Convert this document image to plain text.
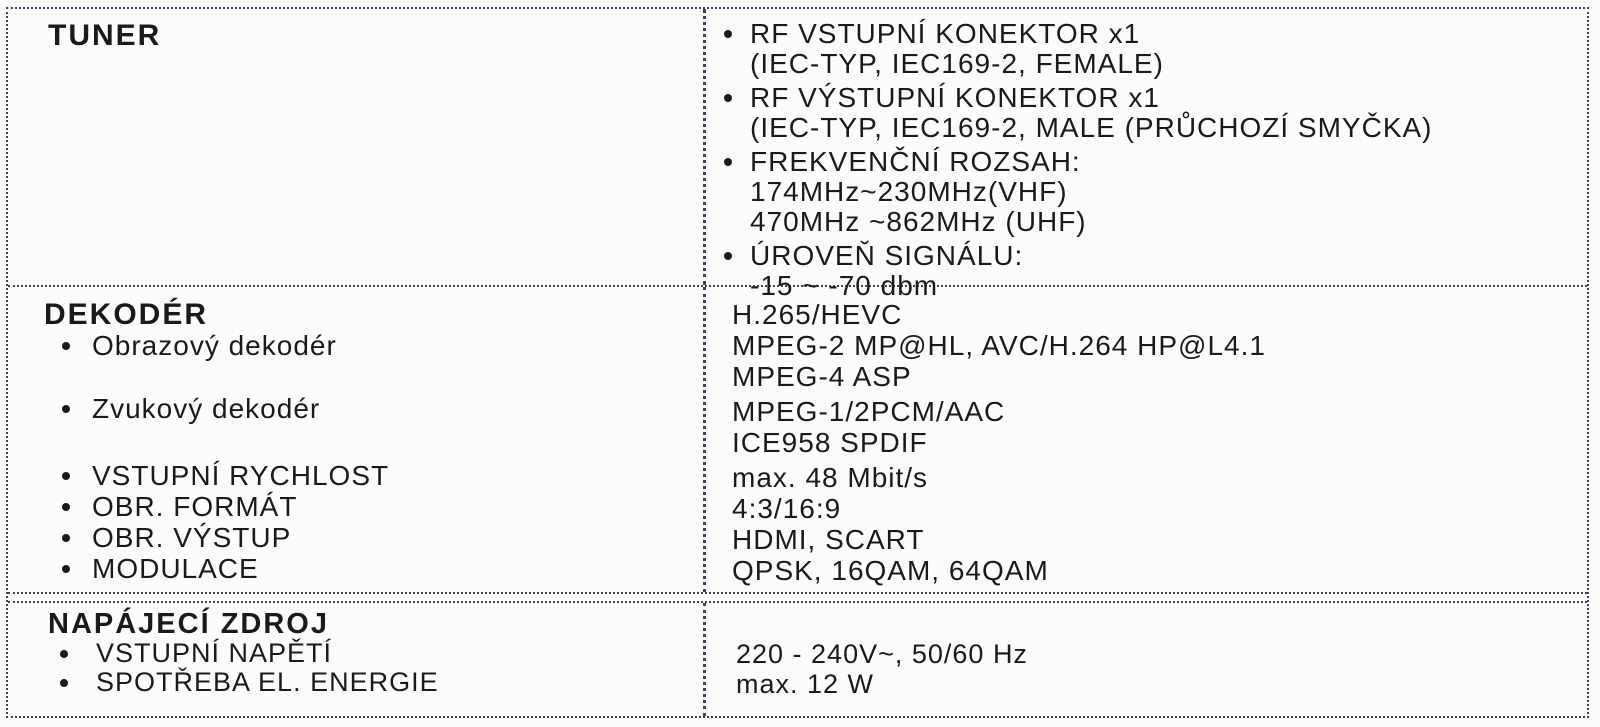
TUNER	RF VSTUPNÍ KONEKTOR x1
(IEC-TYP, IEC169-2, FEMALE)
RF VÝSTUPNÍ KONEKTOR x1
(IEC-TYP, IEC169-2, MALE (PRŮCHOZÍ SMYČKA)
FREKVENČNÍ ROZSAH:
174MHz~230MHz(VHF)
470MHz ~862MHz (UHF)
ÚROVEŇ SIGNÁLU:
-15 ~ -70 dbm
DEKODÉR
Obrazový dekodér
Zvukový dekodér
VSTUPNÍ RYCHLOST
OBR. FORMÁT
OBR. VÝSTUP
MODULACE
H.265/HEVC
MPEG-2 MP@HL, AVC/H.264 HP@L4.1
MPEG-4 ASP
MPEG-1/2PCM/AAC
ICE958 SPDIF
max. 48 Mbit/s
4:3/16:9
HDMI, SCART
QPSK, 16QAM, 64QAM
NAPÁJECÍ ZDROJ
VSTUPNÍ NAPĚTÍ
SPOTŘEBA EL. ENERGIE
220 - 240V~, 50/60 Hz
max. 12 W
